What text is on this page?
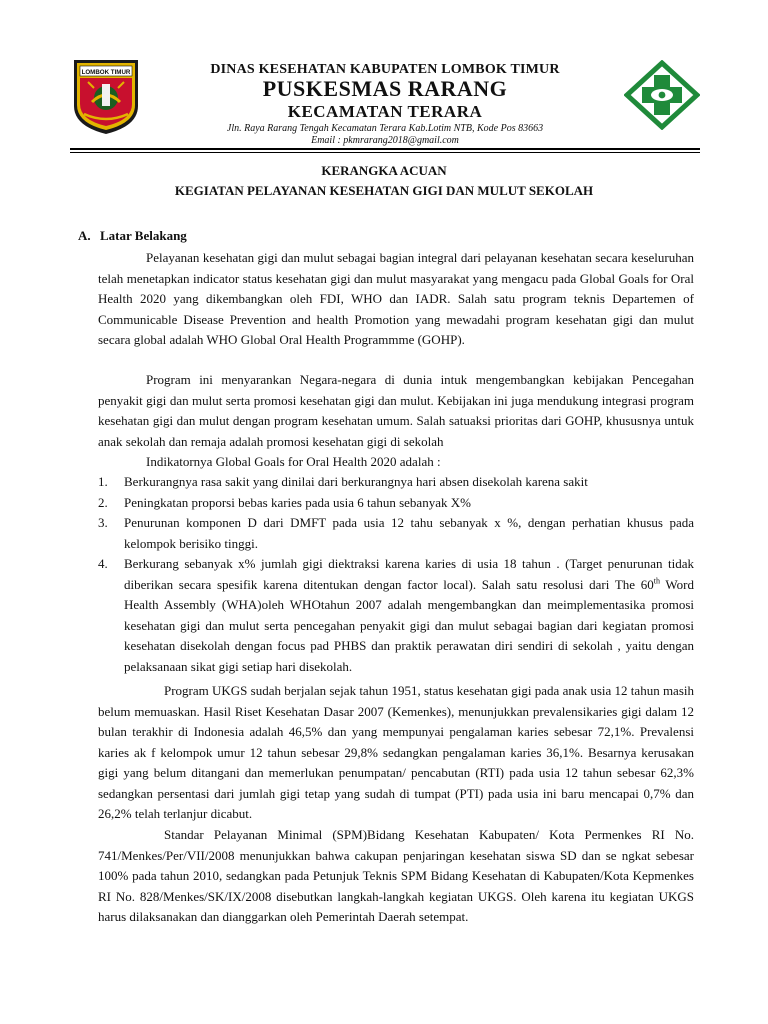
LOMBOK TIMUR	DINAS KESEHATAN KABUPATEN LOMBOK TIMUR
PUSKESMAS RARANG
KECAMATAN TERARA
Jln. Raya Rarang Tengah Kecamatan Terara Kab.Lotim NTB, Kode Pos 83663
Email : pkmrarang2018@gmail.com
KERANGKA ACUAN
KEGIATAN PELAYANAN KESEHATAN GIGI DAN MULUT SEKOLAH
A. Latar Belakang

Pelayanan kesehatan gigi dan mulut sebagai bagian integral dari pelayanan kesehatan secara keseluruhan telah menetapkan indicator status kesehatan gigi dan mulut masyarakat yang mengacu pada Global Goals for Oral Health 2020 yang dikembangkan oleh FDI, WHO dan IADR. Salah satu program teknis Departemen of Communicable Disease Prevention and health Promotion yang mewadahi program kesehatan gigi dan mulut secara global adalah WHO Global Oral Health Programmme (GOHP).

Program ini menyarankan Negara-negara di dunia intuk mengembangkan kebijakan Pencegahan penyakit gigi dan mulut serta promosi kesehatan gigi dan mulut. Kebijakan ini juga mendukung integrasi program kesehatan gigi dan mulut dengan program kesehatan umum. Salah satuaksi prioritas dari GOHP, khususnya untuk anak sekolah dan remaja adalah promosi kesehatan gigi di sekolah

Indikatornya Global Goals for Oral Health 2020 adalah :

1. Berkurangnya rasa sakit yang dinilai dari berkurangnya hari absen disekolah karena sakit
2. Peningkatan proporsi bebas karies pada usia 6 tahun sebanyak X%
3. Penurunan komponen D dari DMFT pada usia 12 tahu sebanyak x %, dengan perhatian khusus pada kelompok berisiko tinggi.
4. Berkurang sebanyak x% jumlah gigi diektraksi karena karies di usia 18 tahun . (Target penurunan tidak diberikan secara spesifik karena ditentukan dengan factor local). Salah satu resolusi dari The 60th Word Health Assembly (WHA)oleh WHOtahun 2007 adalah mengembangkan dan meimplementasika promosi kesehatan gigi dan mulut serta pencegahan penyakit gigi dan mulut sebagai bagian dari kegiatan promosi kesehatan disekolah dengan focus pad PHBS dan praktik perawatan diri sendiri di sekolah , yaitu dengan pelaksanaan sikat gigi setiap hari disekolah.

Program UKGS sudah berjalan sejak tahun 1951, status kesehatan gigi pada anak usia 12 tahun masih belum memuaskan. Hasil Riset Kesehatan Dasar 2007 (Kemenkes), menunjukkan prevalensikaries gigi dalam 12 bulan terakhir di Indonesia adalah 46,5% dan yang mempunyai pengalaman karies sebesar 72,1%. Prevalensi karies ak f kelompok umur 12 tahun sebesar 29,8% sedangkan pengalaman karies 36,1%. Besarnya kerusakan gigi yang belum ditangani dan memerlukan penumpatan/ pencabutan (RTI) pada usia 12 tahun sebesar 62,3% sedangkan persentasi dari jumlah gigi tetap yang sudah di tumpat (PTI) pada usia ini baru mencapai 0,7% dan 26,2% telah terlanjur dicabut.

Standar Pelayanan Minimal (SPM)Bidang Kesehatan Kabupaten/ Kota Permenkes RI No. 741/Menkes/Per/VII/2008 menunjukkan bahwa cakupan penjaringan kesehatan siswa SD dan se ngkat sebesar 100% pada tahun 2010, sedangkan pada Petunjuk Teknis SPM Bidang Kesehatan di Kabupaten/Kota Kepmenkes RI No. 828/Menkes/SK/IX/2008 disebutkan langkah-langkah kegiatan UKGS. Oleh karena itu kegiatan UKGS harus dilaksanakan dan dianggarkan oleh Pemerintah Daerah setempat.
